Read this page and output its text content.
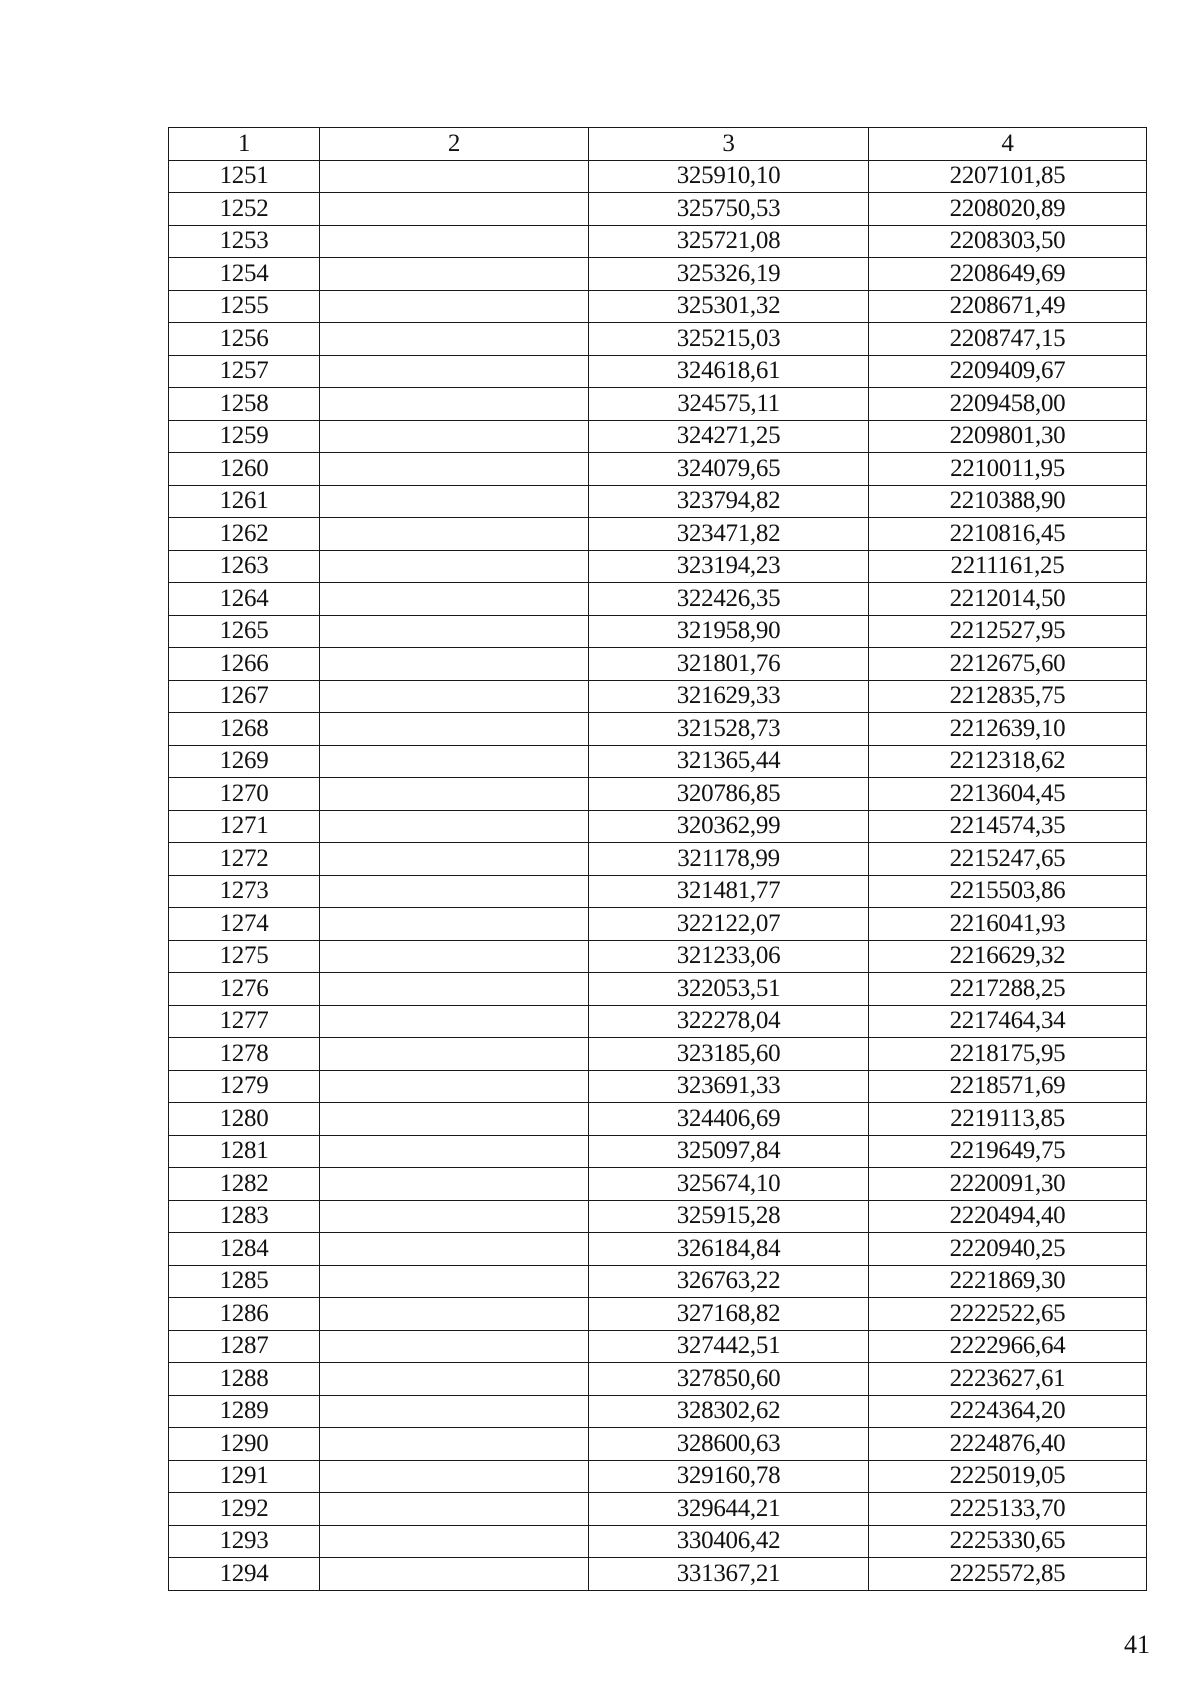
1	2	3	4
1251		325910,10	2207101,85
1252		325750,53	2208020,89
1253		325721,08	2208303,50
1254		325326,19	2208649,69
1255		325301,32	2208671,49
1256		325215,03	2208747,15
1257		324618,61	2209409,67
1258		324575,11	2209458,00
1259		324271,25	2209801,30
1260		324079,65	2210011,95
1261		323794,82	2210388,90
1262		323471,82	2210816,45
1263		323194,23	2211161,25
1264		322426,35	2212014,50
1265		321958,90	2212527,95
1266		321801,76	2212675,60
1267		321629,33	2212835,75
1268		321528,73	2212639,10
1269		321365,44	2212318,62
1270		320786,85	2213604,45
1271		320362,99	2214574,35
1272		321178,99	2215247,65
1273		321481,77	2215503,86
1274		322122,07	2216041,93
1275		321233,06	2216629,32
1276		322053,51	2217288,25
1277		322278,04	2217464,34
1278		323185,60	2218175,95
1279		323691,33	2218571,69
1280		324406,69	2219113,85
1281		325097,84	2219649,75
1282		325674,10	2220091,30
1283		325915,28	2220494,40
1284		326184,84	2220940,25
1285		326763,22	2221869,30
1286		327168,82	2222522,65
1287		327442,51	2222966,64
1288		327850,60	2223627,61
1289		328302,62	2224364,20
1290		328600,63	2224876,40
1291		329160,78	2225019,05
1292		329644,21	2225133,70
1293		330406,42	2225330,65
1294		331367,21	2225572,85
41
